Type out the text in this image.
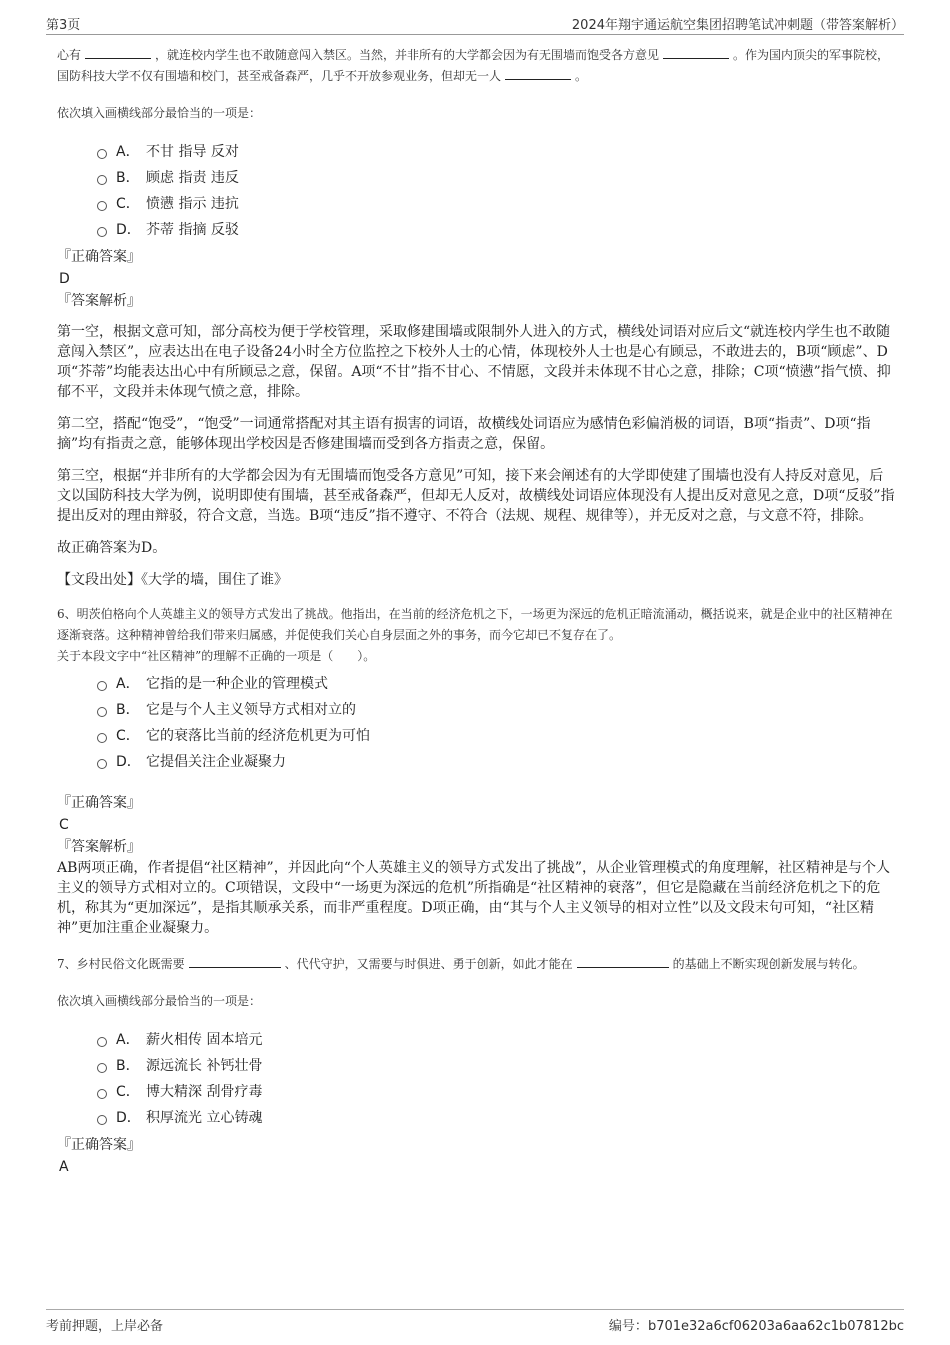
第3页	2024年翔宇通运航空集团招聘笔试冲刺题（带答案解析）
心有	，就连校内学生也不敢随意闯入禁区。当然，并非所有的大学都会因为有无围墙而饱受各方意见	。作为国内顶尖的军事院校，国防科技大学不仅有围墙和校门，甚至戒备森严，几乎不开放参观业务，但却无一人	。
依次填入画横线部分最恰当的一项是：
A． 不甘 指导 反对
B． 顾虑 指责 违反
C． 愤懑 指示 违抗
D． 芥蒂 指摘 反驳
『正确答案』
D
『答案解析』
第一空，根据文意可知，部分高校为便于学校管理，采取修建围墙或限制外人进入的方式，横线处词语对应后文“就连校内学生也不敢随意闯入禁区”，应表达出在电子设备24小时全方位监控之下校外人士的心情，体现校外人士也是心有顾忌，不敢进去的，B项“顾虑”、D项“芥蒂”均能表达出心中有所顾忌之意，保留。A项“不甘”指不甘心、不情愿，文段并未体现不甘心之意，排除；C项“愤懑”指气愤、抑郁不平，文段并未体现气愤之意，排除。
第二空，搭配“饱受”，“饱受”一词通常搭配对其主语有损害的词语，故横线处词语应为感情色彩偏消极的词语，B项“指责”、D项“指摘”均有指责之意，能够体现出学校因是否修建围墙而受到各方指责之意，保留。
第三空，根据“并非所有的大学都会因为有无围墙而饱受各方意见”可知，接下来会阐述有的大学即使建了围墙也没有人持反对意见，后文以国防科技大学为例，说明即使有围墙，甚至戒备森严，但却无人反对，故横线处词语应体现没有人提出反对意见之意，D项“反驳”指提出反对的理由辩驳，符合文意，当选。B项“违反”指不遵守、不符合（法规、规程、规律等），并无反对之意，与文意不符，排除。
故正确答案为D。
【文段出处】《大学的墙，围住了谁》
6、明茨伯格向个人英雄主义的领导方式发出了挑战。他指出，在当前的经济危机之下，一场更为深远的危机正暗流涌动，概括说来，就是企业中的社区精神在逐渐衰落。这种精神曾给我们带来归属感，并促使我们关心自身层面之外的事务，而今它却已不复存在了。
关于本段文字中“社区精神”的理解不正确的一项是（　　）。
A． 它指的是一种企业的管理模式
B． 它是与个人主义领导方式相对立的
C． 它的衰落比当前的经济危机更为可怕
D． 它提倡关注企业凝聚力
『正确答案』
C
『答案解析』
AB两项正确，作者提倡“社区精神”，并因此向“个人英雄主义的领导方式发出了挑战”，从企业管理模式的角度理解，社区精神是与个人主义的领导方式相对立的。C项错误，文段中“一场更为深远的危机”所指确是“社区精神的衰落”，但它是隐藏在当前经济危机之下的危机，称其为“更加深远”，是指其顺承关系，而非严重程度。D项正确，由“其与个人主义领导的相对立性”以及文段末句可知，“社区精神”更加注重企业凝聚力。
7、乡村民俗文化既需要	、代代守护，又需要与时俱进、勇于创新，如此才能在	的基础上不断实现创新发展与转化。
依次填入画横线部分最恰当的一项是：
A． 薪火相传 固本培元
B． 源远流长 补钙壮骨
C． 博大精深 刮骨疗毒
D． 积厚流光 立心铸魂
『正确答案』
A
考前押题，上岸必备	编号：b701e32a6cf06203a6aa62c1b07812bc
